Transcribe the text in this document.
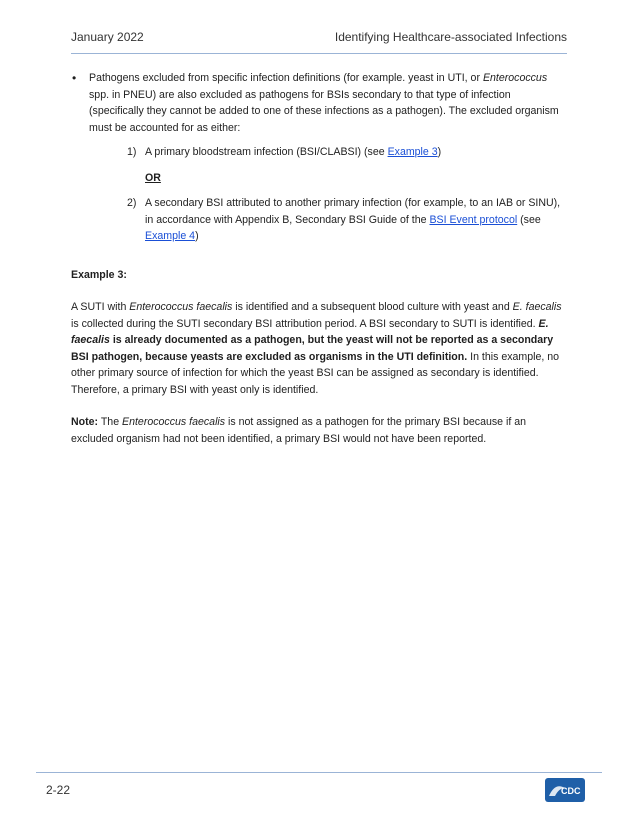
January 2022	Identifying Healthcare-associated Infections
• Pathogens excluded from specific infection definitions (for example. yeast in UTI, or Enterococcus spp. in PNEU) are also excluded as pathogens for BSIs secondary to that type of infection (specifically they cannot be added to one of these infections as a pathogen). The excluded organism must be accounted for as either:

1) A primary bloodstream infection (BSI/CLABSI) (see Example 3)
OR
2) A secondary BSI attributed to another primary infection (for example, to an IAB or SINU), in accordance with Appendix B, Secondary BSI Guide of the BSI Event protocol (see Example 4)
Example 3:

A SUTI with Enterococcus faecalis is identified and a subsequent blood culture with yeast and E. faecalis is collected during the SUTI secondary BSI attribution period. A BSI secondary to SUTI is identified. E. faecalis is already documented as a pathogen, but the yeast will not be reported as a secondary BSI pathogen, because yeasts are excluded as organisms in the UTI definition. In this example, no other primary source of infection for which the yeast BSI can be assigned as secondary is identified. Therefore, a primary BSI with yeast only is identified.

Note: The Enterococcus faecalis is not assigned as a pathogen for the primary BSI because if an excluded organism had not been identified, a primary BSI would not have been reported.

2-22	CDC
